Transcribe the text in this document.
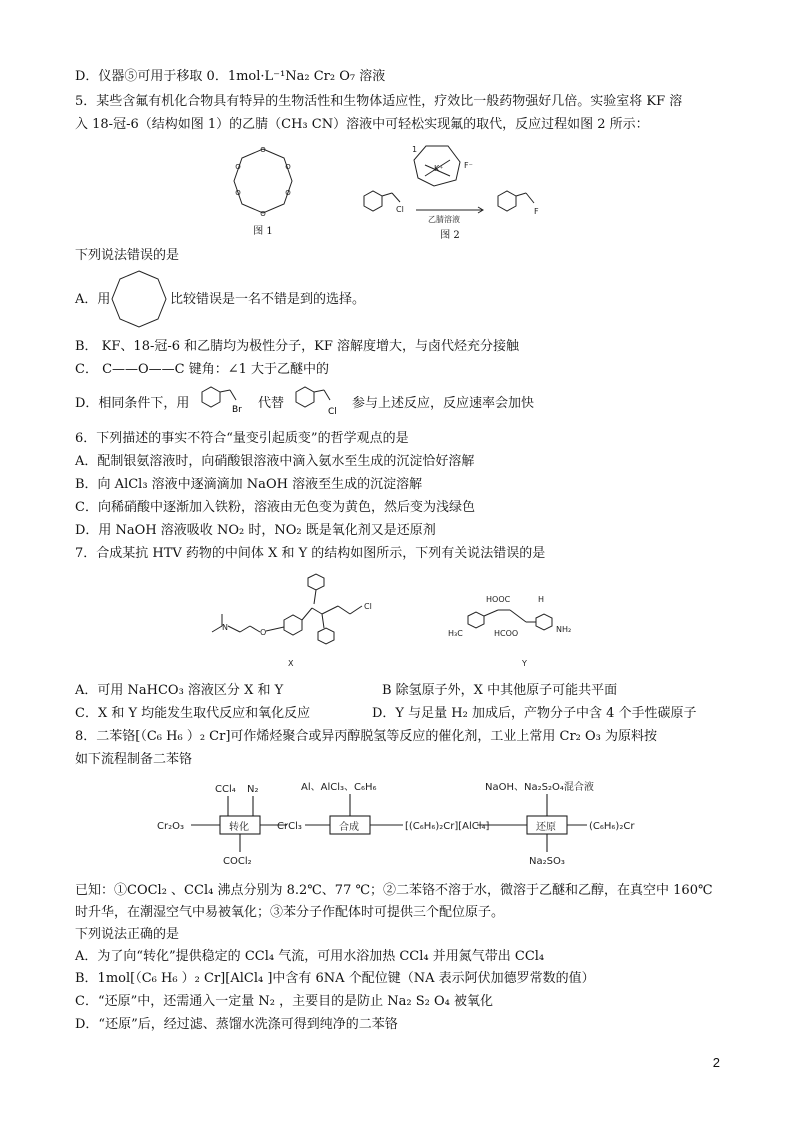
D．仪器⑤可用于移取 0．1mol·L⁻¹Na₂ Cr₂ O₇ 溶液
5．某些含氟有机化合物具有特异的生物活性和生物体适应性，疗效比一般药物强好几倍。实验室将 KF 溶
入 18-冠-6（结构如图 1）的乙腈（CH₃ CN）溶液中可轻松实现氟的取代，反应过程如图 2 所示：
O
O
O
O
O
O
图 1
Cl
K⁺	F⁻
1
乙腈溶液
F
图 2
下列说法错误的是
A．用	比较错误是一名不错是到的选择。
B． KF、18-冠-6 和乙腈均为极性分子，KF 溶解度增大，与卤代烃充分接触
C． C——O——C 键角：∠1 大于乙醚中的
D．相同条件下，用	Br 代替
Cl
参与上述反应，反应速率会加快
6．下列描述的事实不符合“量变引起质变”的哲学观点的是
A．配制银氨溶液时，向硝酸银溶液中滴入氨水至生成的沉淀恰好溶解
B．向 AlCl₃ 溶液中逐滴滴加 NaOH 溶液至生成的沉淀溶解
C．向稀硝酸中逐渐加入铁粉，溶液由无色变为黄色，然后变为浅绿色
D．用 NaOH 溶液吸收 NO₂ 时，NO₂ 既是氧化剂又是还原剂
7．合成某抗 HTV 药物的中间体 X 和 Y 的结构如图所示，下列有关说法错误的是
N
O
Cl
X
HOOC	H
H₃C	HCOO	NH₂
Y
A．可用 NaHCO₃ 溶液区分 X 和 Y	B 除氢原子外，X 中其他原子可能共平面
C．X 和 Y 均能发生取代反应和氧化反应	D．Y 与足量 H₂ 加成后，产物分子中含 4 个手性碳原子
8．二苯铬[（C₆ H₆ ）₂ Cr]可作烯烃聚合或异丙醇脱氢等反应的催化剂，工业上常用 Cr₂ O₃ 为原料按
如下流程制备二苯铬
Cr₂O₃	转化
CCl₄ N₂
COCl₂
CrCl₃
Al、AlCl₃、C₆H₆
合成	[(C₆H₆)₂Cr][AlCl₄]
NaOH、Na₂S₂O₄混合液
还原	(C₆H₆)₂Cr
Na₂SO₃
已知：①COCl₂ 、CCl₄ 沸点分别为 8.2℃、77 ℃；②二苯铬不溶于水，微溶于乙醚和乙醇，在真空中 160℃
时升华，在潮湿空气中易被氧化；③苯分子作配体时可提供三个配位原子。
下列说法正确的是
A．为了向“转化”提供稳定的 CCl₄ 气流，可用水浴加热 CCl₄ 并用氮气带出 CCl₄
B．1mol[（C₆ H₆ ）₂ Cr][AlCl₄ ]中含有 6NA 个配位键（NA 表示阿伏加德罗常数的值）
C．“还原”中，还需通入一定量 N₂ ，主要目的是防止 Na₂ S₂ O₄ 被氧化
D．“还原”后，经过滤、蒸馏水洗涤可得到纯净的二苯铬
2
